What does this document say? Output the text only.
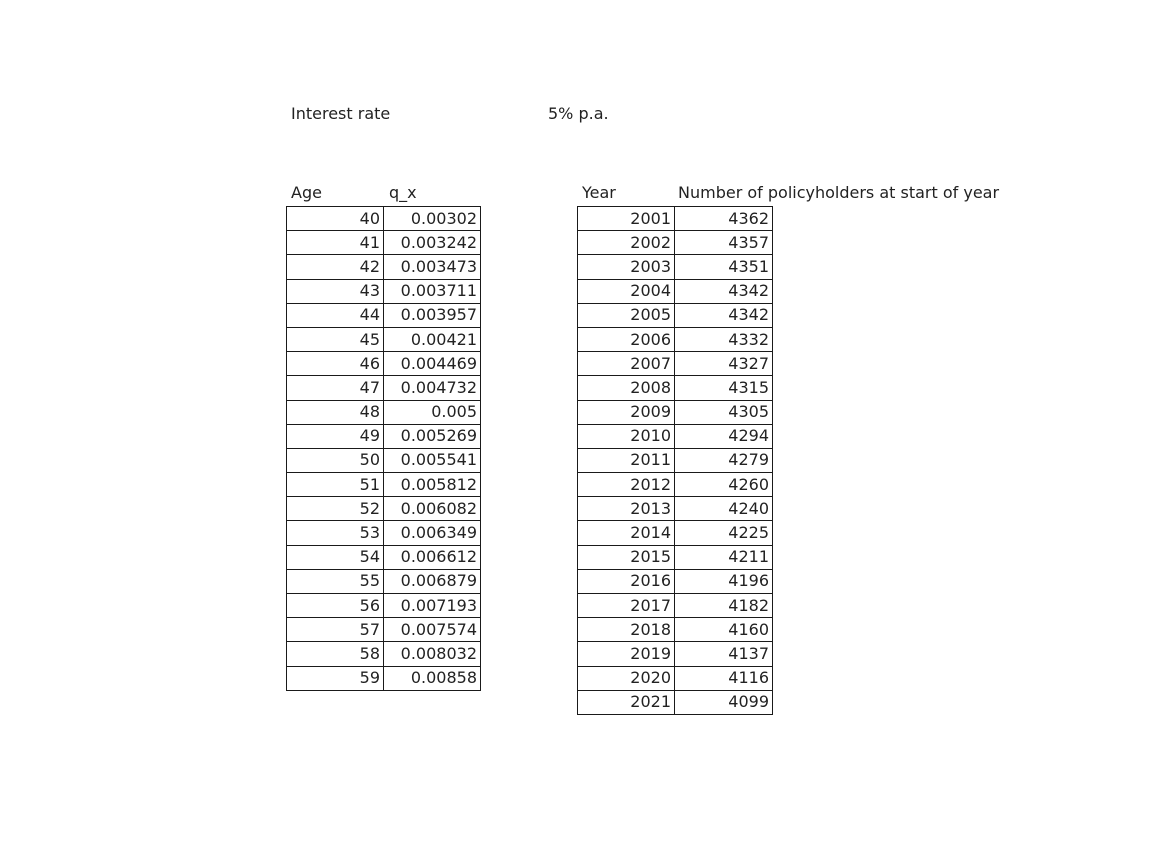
Interest rate	5% p.a.
Age	q_x	Year	Number of policyholders at start of year
40	0.00302
41	0.003242
42	0.003473
43	0.003711
44	0.003957
45	0.00421
46	0.004469
47	0.004732
48	0.005
49	0.005269
50	0.005541
51	0.005812
52	0.006082
53	0.006349
54	0.006612
55	0.006879
56	0.007193
57	0.007574
58	0.008032
59	0.00858
2001	4362
2002	4357
2003	4351
2004	4342
2005	4342
2006	4332
2007	4327
2008	4315
2009	4305
2010	4294
2011	4279
2012	4260
2013	4240
2014	4225
2015	4211
2016	4196
2017	4182
2018	4160
2019	4137
2020	4116
2021	4099
